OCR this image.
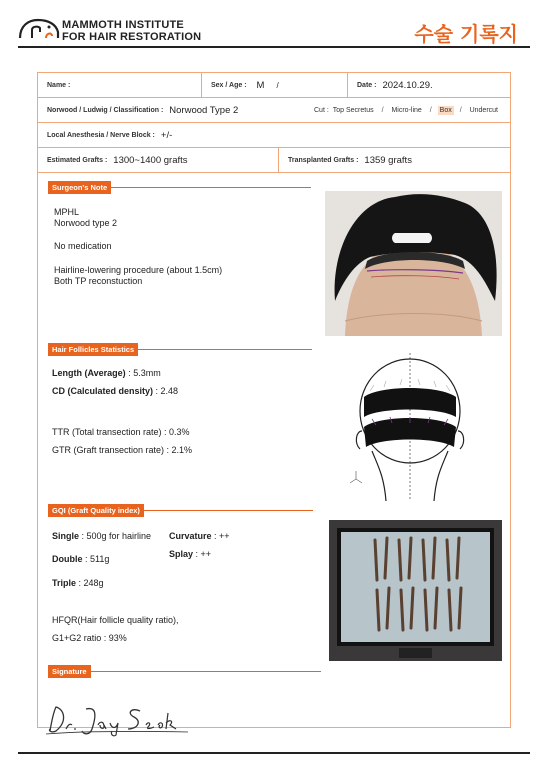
MAMMOTH INSTITUTE
FOR HAIR RESTORATION	수술 기록지
Name :	Sex / Age : M /	Date : 2024.10.29.
Norwood / Ludwig / Classification : Norwood Type 2	Cut : Top Secretus / Micro-line / Box / Undercut
Local Anesthesia / Nerve Block : +/-
Estimated Grafts : 1300~1400 grafts	Transplanted Grafts : 1359 grafts
Surgeon's Note
MPHL
Norwood type 2
No medication
Hairline-lowering procedure (about 1.5cm)
Both TP reconstuction
Hair Follicles Statistics
Length (Average) : 5.3mm
CD (Calculated density) : 2.48
TTR (Total transection rate) : 0.3%
GTR (Graft transection rate) : 2.1%
GQI (Graft Quality index)
Single : 500g for hairline Curvature : ++
Splay : ++
Double : 511g
Triple : 248g
HFQR(Hair follicle quality ratio),
G1+G2 ratio : 93%
Signature
